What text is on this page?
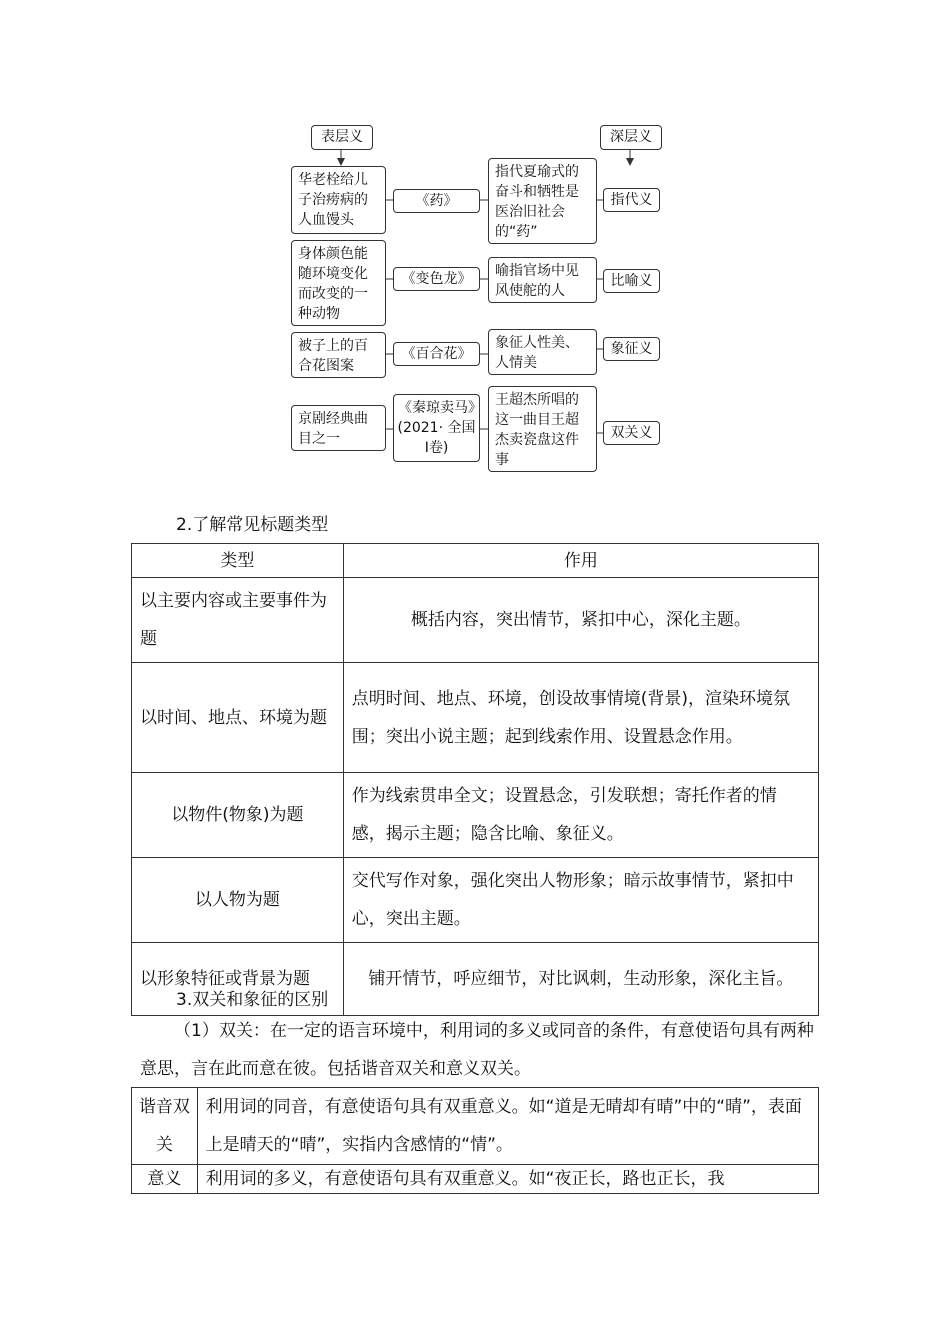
表层义	深层义
华老栓给儿子治痨病的人血馒头
《药》
指代夏瑜式的奋斗和牺牲是医治旧社会的“药”
指代义
身体颜色能随环境变化而改变的一种动物
《变色龙》	喻指官场中见风使舵的人
比喻义
被子上的百合花图案
《百合花》
象征人性美、人情美
象征义
京剧经典曲目之一
《秦琼卖马》(2021· 全国Ⅰ卷)
王超杰所唱的这一曲目王超杰卖瓷盘这件事
双关义
2.了解常见标题类型
类型	作用
以主要内容或主要事件为题	概括内容，突出情节，紧扣中心，深化主题。
以时间、地点、环境为题	点明时间、地点、环境，创设故事情境(背景)，渲染环境氛围；突出小说主题；起到线索作用、设置悬念作用。
以物件(物象)为题	作为线索贯串全文；设置悬念，引发联想；寄托作者的情感，揭示主题；隐含比喻、象征义。
以人物为题	交代写作对象，强化突出人物形象；暗示故事情节，紧扣中心，突出主题。
以形象特征或背景为题	铺开情节，呼应细节，对比讽刺，生动形象，深化主旨。
3.双关和象征的区别
（1）双关：在一定的语言环境中，利用词的多义或同音的条件，有意使语句具有两种意思，言在此而意在彼。包括谐音双关和意义双关。
谐音双关	利用词的同音，有意使语句具有双重意义。如“道是无晴却有晴”中的“晴”，表面上是晴天的“晴”，实指内含感情的“情”。
意义	利用词的多义，有意使语句具有双重意义。如“夜正长，路也正长，我
